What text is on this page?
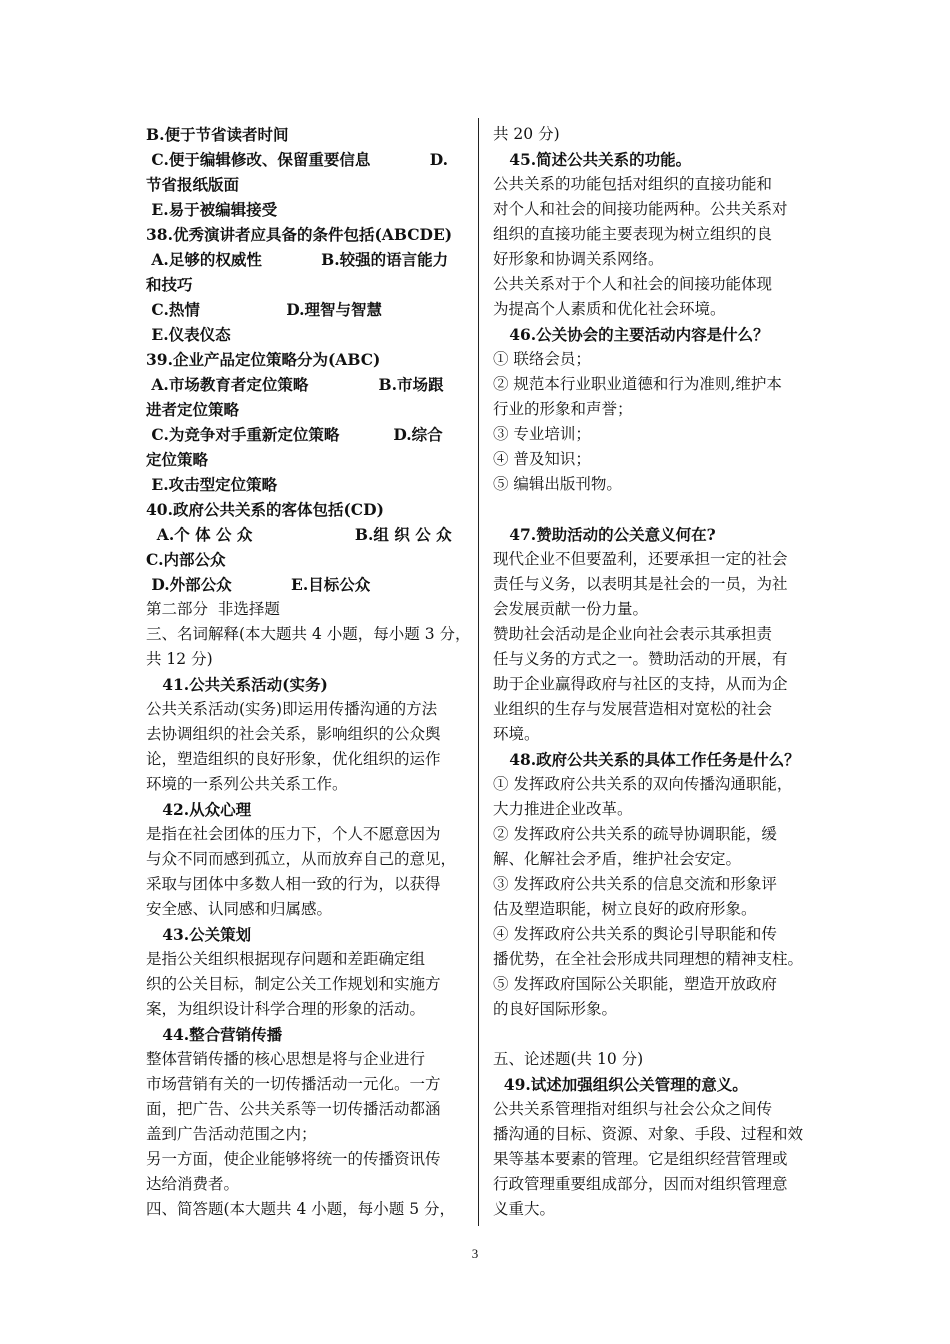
B.便于节省读者时间
C.便于编辑修改、保留重要信息           D.
节省报纸版面
E.易于被编辑接受
38.优秀演讲者应具备的条件包括(ABCDE)
A.足够的权威性           B.较强的语言能力
和技巧
C.热情                D.理智与智慧
E.仪表仪态
39.企业产品定位策略分为(ABC)
A.市场教育者定位策略             B.市场跟
进者定位策略
C.为竞争对手重新定位策略          D.综合
定位策略
E.攻击型定位策略
40.政府公共关系的客体包括(CD)
A.个 体 公 众                   B.组 织 公 众
C.内部公众
D.外部公众           E.目标公众
第二部分  非选择题
三、名词解释(本大题共 4 小题，每小题 3 分，
共 12 分)
41.公共关系活动(实务)
公共关系活动(实务)即运用传播沟通的方法
去协调组织的社会关系，影响组织的公众舆
论，塑造组织的良好形象，优化组织的运作
环境的一系列公共关系工作。
42.从众心理
是指在社会团体的压力下，个人不愿意因为
与众不同而感到孤立，从而放弃自己的意见，
采取与团体中多数人相一致的行为，以获得
安全感、认同感和归属感。
43.公关策划
是指公关组织根据现存问题和差距确定组
织的公关目标，制定公关工作规划和实施方
案，为组织设计科学合理的形象的活动。
44.整合营销传播
整体营销传播的核心思想是将与企业进行
市场营销有关的一切传播活动一元化。一方
面，把广告、公共关系等一切传播活动都涵
盖到广告活动范围之内；
另一方面，使企业能够将统一的传播资讯传
达给消费者。
四、简答题(本大题共 4 小题，每小题 5 分，
共 20 分)
45.简述公共关系的功能。
公共关系的功能包括对组织的直接功能和
对个人和社会的间接功能两种。公共关系对
组织的直接功能主要表现为树立组织的良
好形象和协调关系网络。
公共关系对于个人和社会的间接功能体现
为提高个人素质和优化社会环境。
46.公关协会的主要活动内容是什么？
① 联络会员；
② 规范本行业职业道德和行为准则,维护本
行业的形象和声誉；
③ 专业培训；
④ 普及知识；
⑤ 编辑出版刊物。
47.赞助活动的公关意义何在?
现代企业不但要盈利，还要承担一定的社会
责任与义务，以表明其是社会的一员，为社
会发展贡献一份力量。
赞助社会活动是企业向社会表示其承担责
任与义务的方式之一。赞助活动的开展，有
助于企业赢得政府与社区的支持，从而为企
业组织的生存与发展营造相对宽松的社会
环境。
48.政府公共关系的具体工作任务是什么？
① 发挥政府公共关系的双向传播沟通职能，
大力推进企业改革。
② 发挥政府公共关系的疏导协调职能，缓
解、化解社会矛盾，维护社会安定。
③ 发挥政府公共关系的信息交流和形象评
估及塑造职能，树立良好的政府形象。
④ 发挥政府公共关系的舆论引导职能和传
播优势，在全社会形成共同理想的精神支柱。
⑤ 发挥政府国际公关职能，塑造开放政府
的良好国际形象。
五、论述题(共 10 分)
49.试述加强组织公关管理的意义。
公共关系管理指对组织与社会公众之间传
播沟通的目标、资源、对象、手段、过程和效
果等基本要素的管理。它是组织经营管理或
行政管理重要组成部分，因而对组织管理意
义重大。
3
